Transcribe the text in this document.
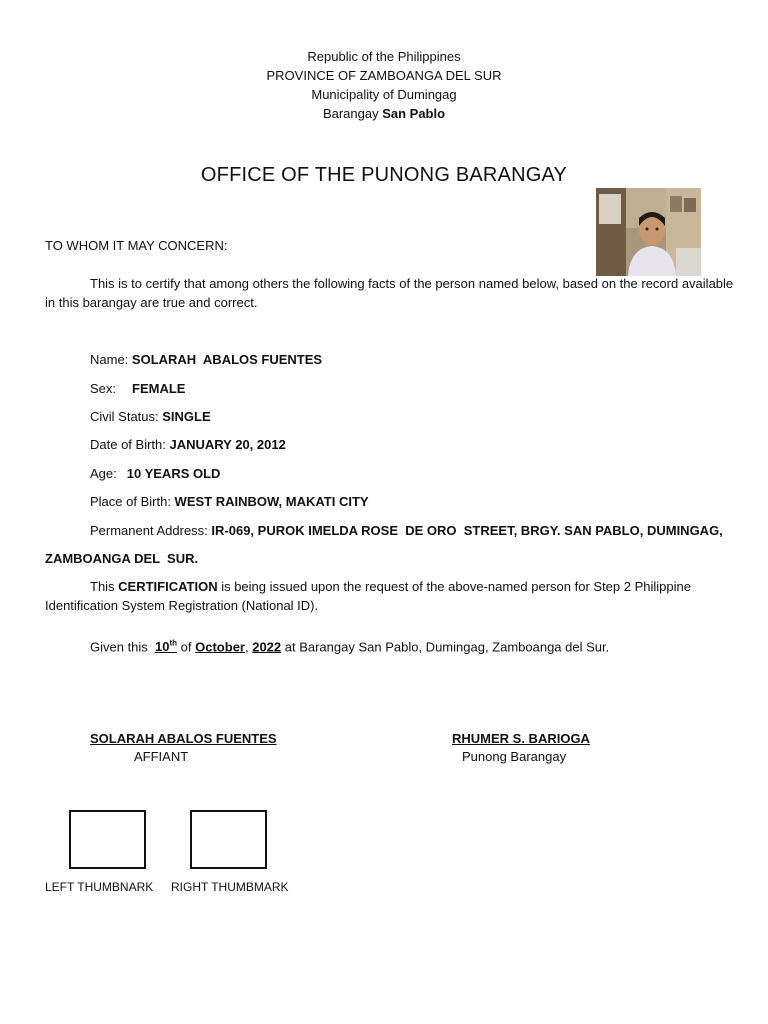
Republic of the Philippines
PROVINCE OF ZAMBOANGA DEL SUR
Municipality of Dumingag
Barangay San Pablo
OFFICE OF THE PUNONG BARANGAY
TO WHOM IT MAY CONCERN:
This is to certify that among others the following facts of the person named below, based on the record available in this barangay are true and correct.
Name: SOLARAH  ABALOS FUENTES
Sex: FEMALE
Civil Status: SINGLE
Date of Birth: JANUARY 20, 2012
Age: 10 YEARS OLD
Place of Birth: WEST RAINBOW, MAKATI CITY
Permanent Address: IR-069, PUROK IMELDA ROSE  DE ORO  STREET, BRGY. SAN PABLO, DUMINGAG,
ZAMBOANGA DEL  SUR.
This CERTIFICATION is being issued upon the request of the above-named person for Step 2 Philippine
Identification System Registration (National ID).
Given this  10th of October, 2022 at Barangay San Pablo, Dumingag, Zamboanga del Sur.
SOLARAH ABALOS FUENTES
AFFIANT
RHUMER S. BARIOGA
Punong Barangay
LEFT THUMBNARK RIGHT THUMBMARK
